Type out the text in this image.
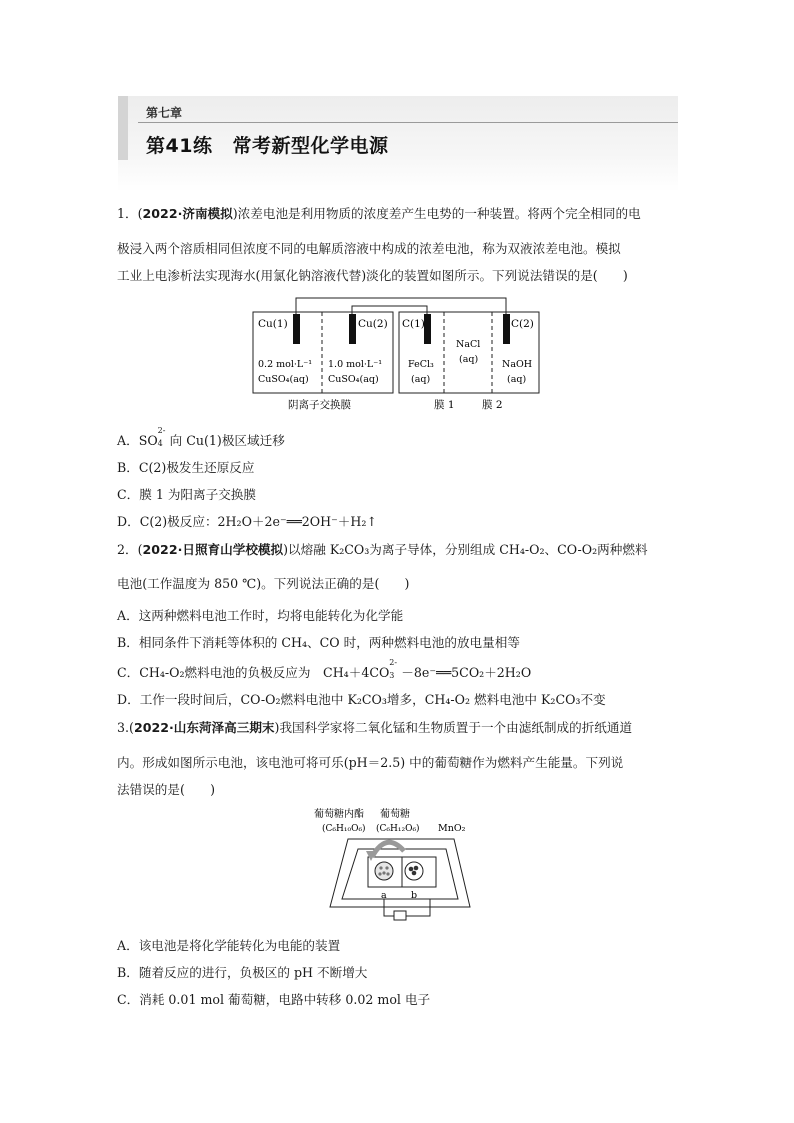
第七章
第41练 常考新型化学电源
1．(2022·济南模拟)浓差电池是利用物质的浓度差产生电势的一种装置。将两个完全相同的电
极浸入两个溶质相同但浓度不同的电解质溶液中构成的浓差电池，称为双液浓差电池。模拟
工业上电渗析法实现海水(用氯化钠溶液代替)淡化的装置如图所示。下列说法错误的是(　　)
Cu(1)	Cu(2) C(1)	C(2)
0.2 mol·L⁻¹
CuSO₄(aq)
1.0 mol·L⁻¹
CuSO₄(aq)
FeCl₃
(aq)
NaCl
(aq)	NaOH
(aq)
阴离子交换膜	膜 1	膜 2
A．SO
2-
4 向 Cu(1)极区域迁移
B．C(2)极发生还原反应
C．膜 1 为阳离子交换膜
D．C(2)极反应：2H₂O＋2e⁻══2OH⁻＋H₂↑
2．(2022·日照育山学校模拟)以熔融 K₂CO₃为离子导体，分别组成 CH₄-O₂、CO-O₂两种燃料
电池(工作温度为 850 ℃)。下列说法正确的是(　　)
A．这两种燃料电池工作时，均将电能转化为化学能
B．相同条件下消耗等体积的 CH₄、CO 时，两种燃料电池的放电量相等
C．CH₄-O₂燃料电池的负极反应为　CH₄＋4CO
2-
3 －8e⁻══5CO₂＋2H₂O
D．工作一段时间后，CO-O₂燃料电池中 K₂CO₃增多，CH₄-O₂ 燃料电池中 K₂CO₃不变
3.(2022·山东菏泽高三期末)我国科学家将二氧化锰和生物质置于一个由滤纸制成的折纸通道
内。形成如图所示电池，该电池可将可乐(pH＝2.5) 中的葡萄糖作为燃料产生能量。下列说
法错误的是(　　)
葡萄糖内酯 葡萄糖
(C₆H₁₀O₆) (C₆H₁₂O₆) MnO₂
a	b
A．该电池是将化学能转化为电能的装置
B．随着反应的进行，负极区的 pH 不断增大
C．消耗 0.01 mol 葡萄糖，电路中转移 0.02 mol 电子
